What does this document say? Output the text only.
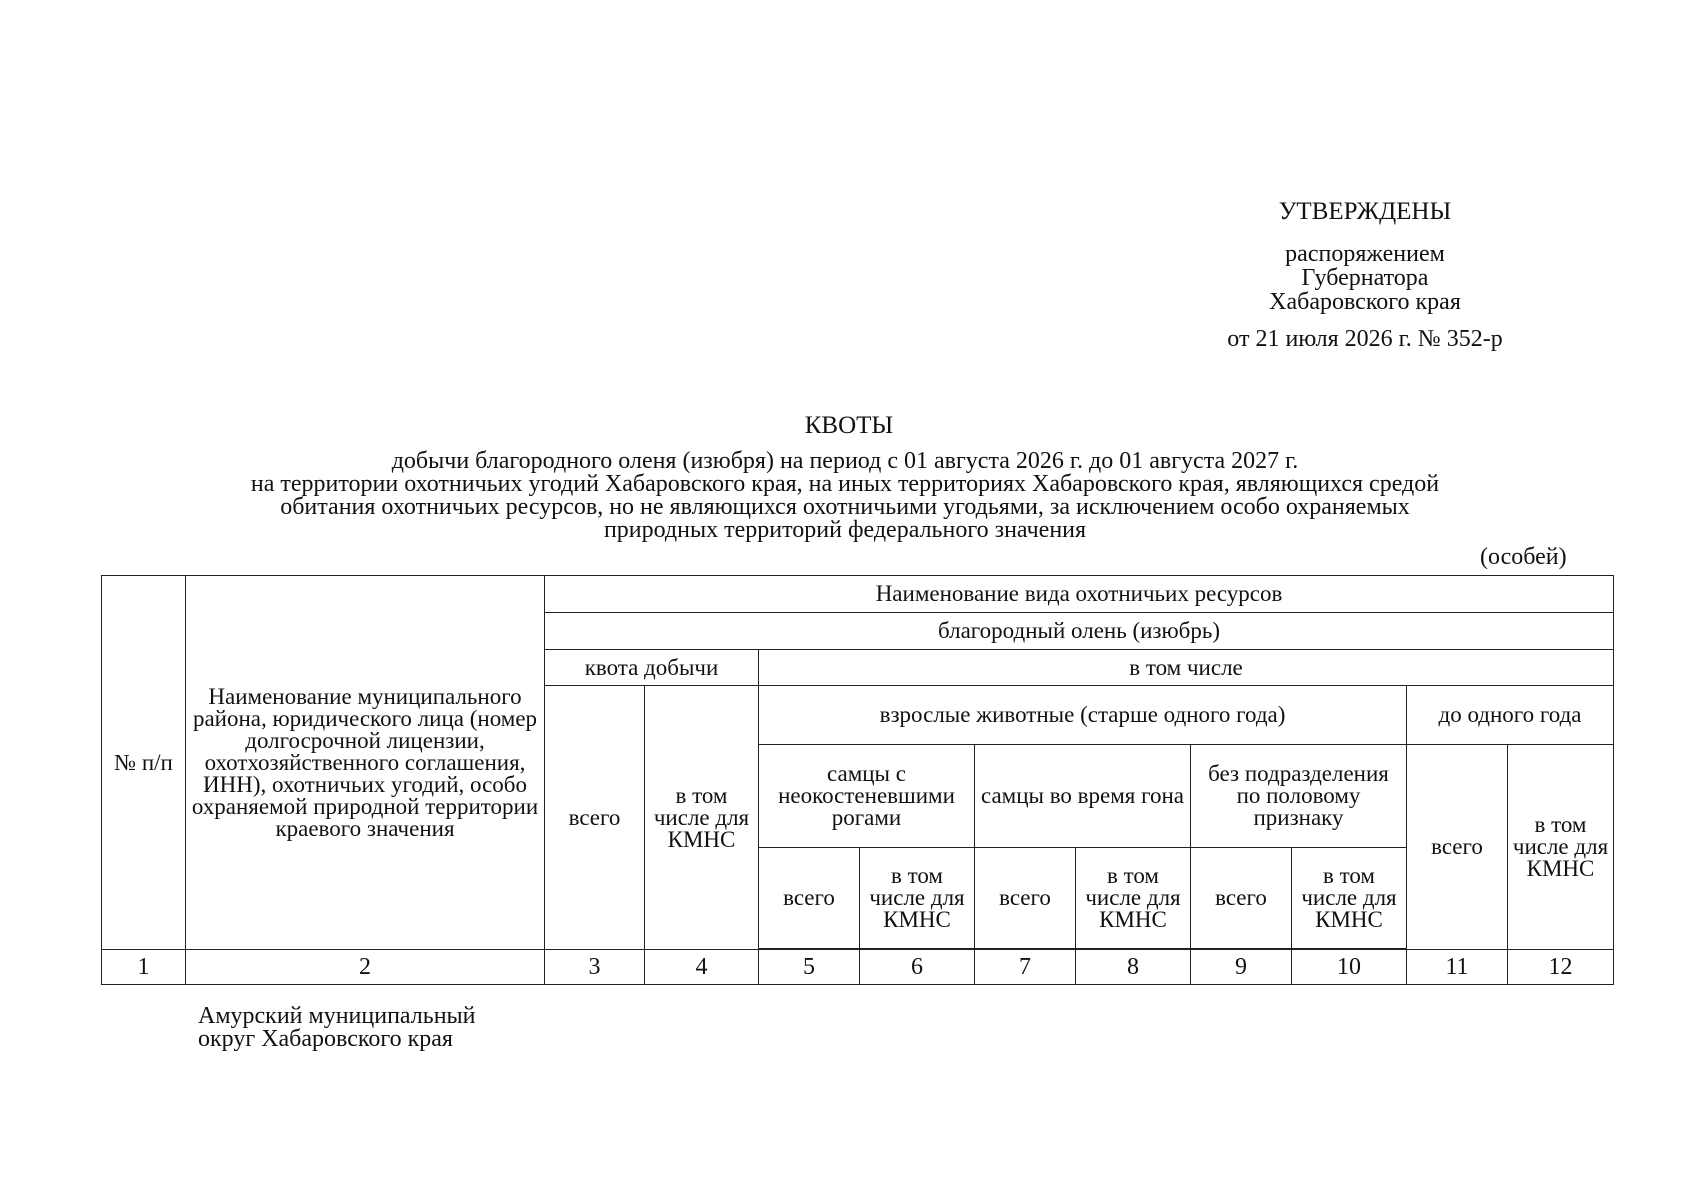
УТВЕРЖДЕНЫ
распоряжением
Губернатора
Хабаровского края
от 21 июля 2026 г. № 352-р
КВОТЫ
добычи благородного оленя (изюбря) на период с 01 августа 2026 г. до 01 августа 2027 г.
на территории охотничьих угодий Хабаровского края, на иных территориях Хабаровского края, являющихся средой
обитания охотничьих ресурсов, но не являющихся охотничьими угодьями, за исключением особо охраняемых
природных территорий федерального значения
(особей)
№ п/п	Наименование муниципального района, юридического лица (номер долгосрочной лицензии, охотхозяйственного соглашения, ИНН), охотничьих угодий, особо охраняемой природной территории краевого значения	Наименование вида охотничьих ресурсов									
		благородный олень (изюбрь)									
		квота добычи		в том числе							
		всего	в том числе для КМНС	взрослые животные (старше одного года)						до одного года	
				самцы с неокостеневшими рогами		самцы во время гона		без подразделения по половому признаку		всего	в том числе для КМНС
				всего	в том числе для КМНС	всего	в том числе для КМНС	всего	в том числе для КМНС		

1	2	3	4	5	6	7	8	9	10	11	12
Амурский муниципальный
округ Хабаровского края
